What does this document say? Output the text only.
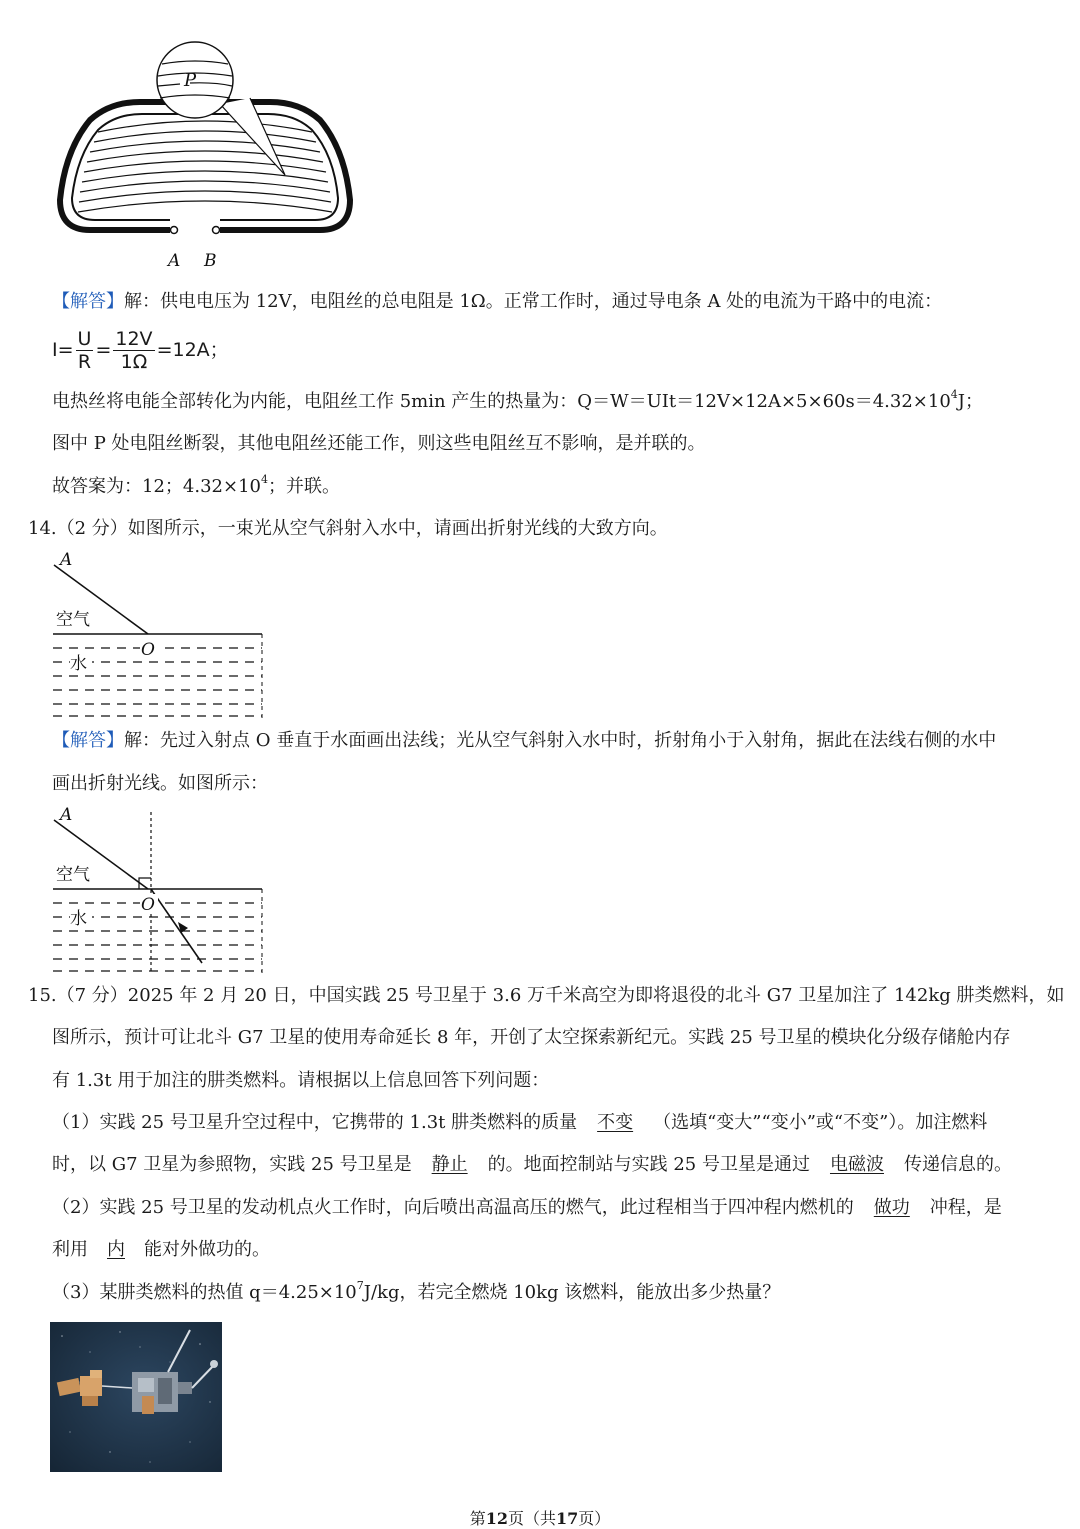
P
A B
【解答】解：供电电压为 12V，电阻丝的总电阻是 1Ω。正常工作时，通过导电条 A 处的电流为干路中的电流：
$I= \frac{U}{R} = \frac{12V}{1\Omega} =12A$；
电热丝将电能全部转化为内能，电阻丝工作 5min 产生的热量为：$Q=W=UIt=12V\times 12A\times 5\times 60s=4.32\times 10^4J$；
图中 P 处电阻丝断裂，其他电阻丝还能工作，则这些电阻丝互不影响，是并联的。
故答案为：12；$4.32\times 10^4$；并联。
14.（2 分）如图所示，一束光从空气斜射入水中，请画出折射光线的大致方向。
A
空气
O
水
【解答】解：先过入射点 O 垂直于水面画出法线；光从空气斜射入水中时，折射角小于入射角，据此在法线右侧的水中
画出折射光线。如图所示：
A
空气
O
水
15.（7 分）2025 年 2 月 20 日，中国实践 25 号卫星于 3.6 万千米高空为即将退役的北斗 G7 卫星加注了 142kg 肼类燃料，如
图所示，预计可让北斗 G7 卫星的使用寿命延长 8 年，开创了太空探索新纪元。实践 25 号卫星的模块化分级存储舱内存
有 1.3t 用于加注的肼类燃料。请根据以上信息回答下列问题：
（1）实践 25 号卫星升空过程中，它携带的 1.3t 肼类燃料的质量 不变 （选填“变大”“变小”或“不变”）。加注燃料
时，以 G7 卫星为参照物，实践 25 号卫星是 静止 的。地面控制站与实践 25 号卫星是通过 电磁波 传递信息的。
（2）实践 25 号卫星的发动机点火工作时，向后喷出高温高压的燃气，此过程相当于四冲程内燃机的 做功 冲程，是
利用 内 能对外做功的。
（3）某肼类燃料的热值 $q=4.25\times 10^7J/kg$，若完全燃烧 10kg 该燃料，能放出多少热量？
第12页（共17页）
